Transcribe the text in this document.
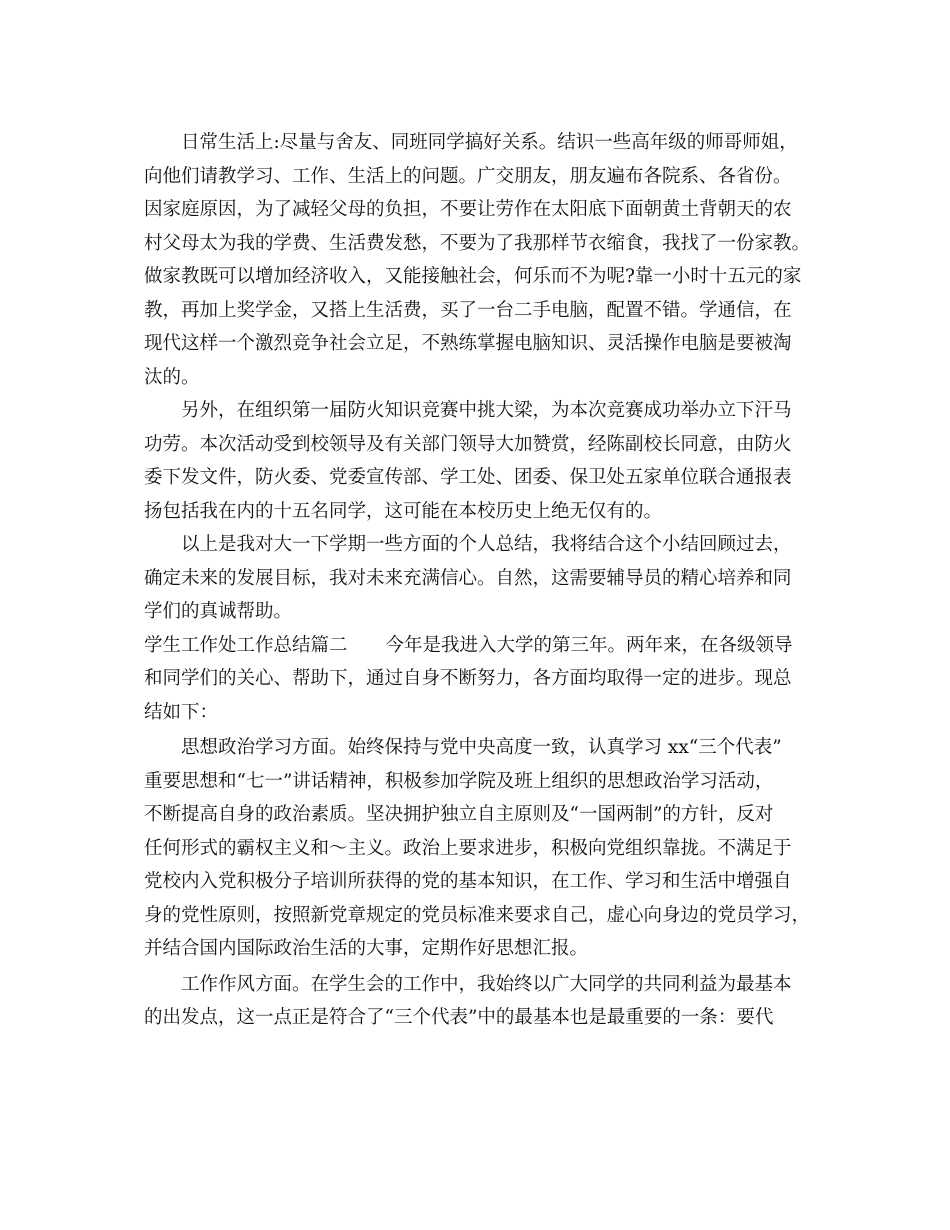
日常生活上:尽量与舍友、同班同学搞好关系。结识一些高年级的师哥师姐，
向他们请教学习、工作、生活上的问题。广交朋友，朋友遍布各院系、各省份。
因家庭原因，为了减轻父母的负担，不要让劳作在太阳底下面朝黄土背朝天的农
村父母太为我的学费、生活费发愁，不要为了我那样节衣缩食，我找了一份家教。
做家教既可以增加经济收入，又能接触社会，何乐而不为呢?靠一小时十五元的家
教，再加上奖学金，又搭上生活费，买了一台二手电脑，配置不错。学通信，在
现代这样一个激烈竞争社会立足，不熟练掌握电脑知识、灵活操作电脑是要被淘
汰的。
另外，在组织第一届防火知识竞赛中挑大梁，为本次竞赛成功举办立下汗马
功劳。本次活动受到校领导及有关部门领导大加赞赏，经陈副校长同意，由防火
委下发文件，防火委、党委宣传部、学工处、团委、保卫处五家单位联合通报表
扬包括我在内的十五名同学，这可能在本校历史上绝无仅有的。
以上是我对大一下学期一些方面的个人总结，我将结合这个小结回顾过去，
确定未来的发展目标，我对未来充满信心。自然，这需要辅导员的精心培养和同
学们的真诚帮助。
学生工作处工作总结篇二 今年是我进入大学的第三年。两年来，在各级领导
和同学们的关心、帮助下，通过自身不断努力，各方面均取得一定的进步。现总
结如下：
思想政治学习方面。始终保持与党中央高度一致，认真学习 xx“三个代表”
重要思想和“七一”讲话精神，积极参加学院及班上组织的思想政治学习活动，
不断提高自身的政治素质。坚决拥护独立自主原则及“一国两制”的方针，反对
任何形式的霸权主义和～主义。政治上要求进步，积极向党组织靠拢。不满足于
党校内入党积极分子培训所获得的党的基本知识，在工作、学习和生活中增强自
身的党性原则，按照新党章规定的党员标准来要求自己，虚心向身边的党员学习，
并结合国内国际政治生活的大事，定期作好思想汇报。
工作作风方面。在学生会的工作中，我始终以广大同学的共同利益为最基本
的出发点，这一点正是符合了“三个代表”中的最基本也是最重要的一条：要代
